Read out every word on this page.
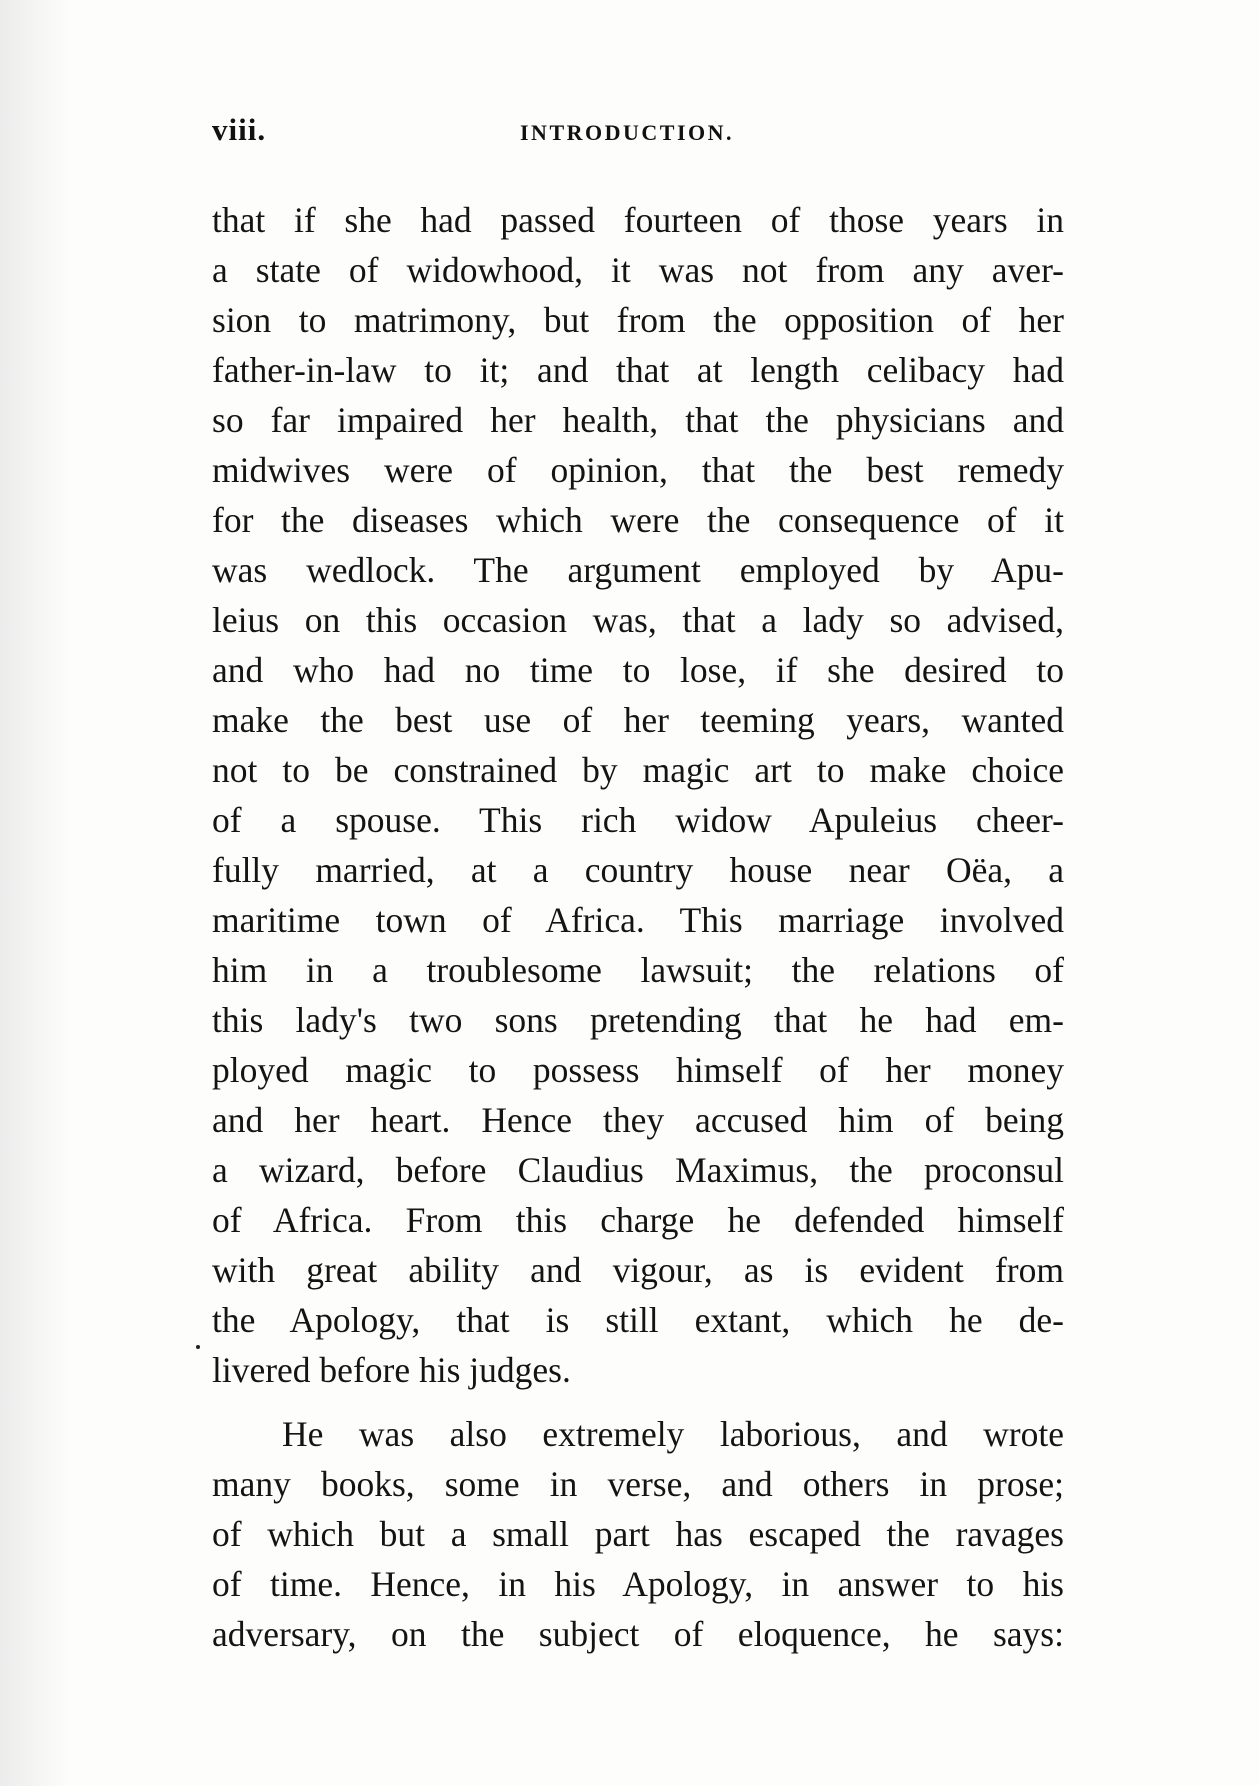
viii.	INTRODUCTION.
that if she had passed fourteen of those years in
a state of widowhood, it was not from any aver-
sion to matrimony, but from the opposition of her
father-in-law to it; and that at length celibacy had
so far impaired her health, that the physicians and
midwives were of opinion, that the best remedy
for the diseases which were the consequence of it
was wedlock. The argument employed by Apu-
leius on this occasion was, that a lady so advised,
and who had no time to lose, if she desired to
make the best use of her teeming years, wanted
not to be constrained by magic art to make choice
of a spouse. This rich widow Apuleius cheer-
fully married, at a country house near Oëa, a
maritime town of Africa. This marriage involved
him in a troublesome lawsuit; the relations of
this lady's two sons pretending that he had em-
ployed magic to possess himself of her money
and her heart. Hence they accused him of being
a wizard, before Claudius Maximus, the proconsul
of Africa. From this charge he defended himself
with great ability and vigour, as is evident from
the Apology, that is still extant, which he de-
livered before his judges.
He was also extremely laborious, and wrote
many books, some in verse, and others in prose;
of which but a small part has escaped the ravages
of time. Hence, in his Apology, in answer to his
adversary, on the subject of eloquence, he says:
